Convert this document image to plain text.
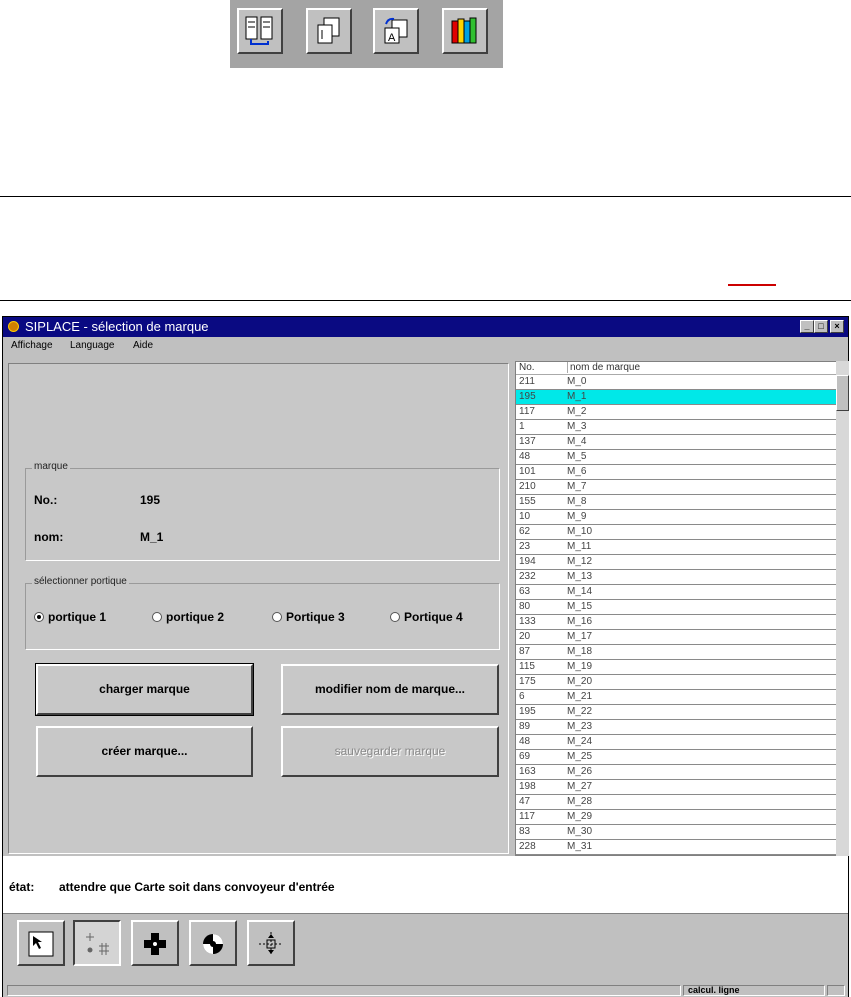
A
SIPLACE - sélection de marque	_ □	×
Affichage Language Aide
marque
No.:	195
nom:	M_1
sélectionner portique
portique 1	portique 2	Portique 3	Portique 4
charger marque	modifier nom de marque...
créer marque...	sauvegarder marque
No.	nom de marque
211	M_0
195	M_1
117	M_2
1	M_3
137	M_4
48	M_5
101	M_6
210	M_7
155	M_8
10	M_9
62	M_10
23	M_11
194	M_12
232	M_13
63	M_14
80	M_15
133	M_16
20	M_17
87	M_18
115	M_19
175	M_20
6	M_21
195	M_22
89	M_23
48	M_24
69	M_25
163	M_26
198	M_27
47	M_28
117	M_29
83	M_30
228	M_31
état: attendre que Carte soit dans convoyeur d'entrée
calcul. ligne
